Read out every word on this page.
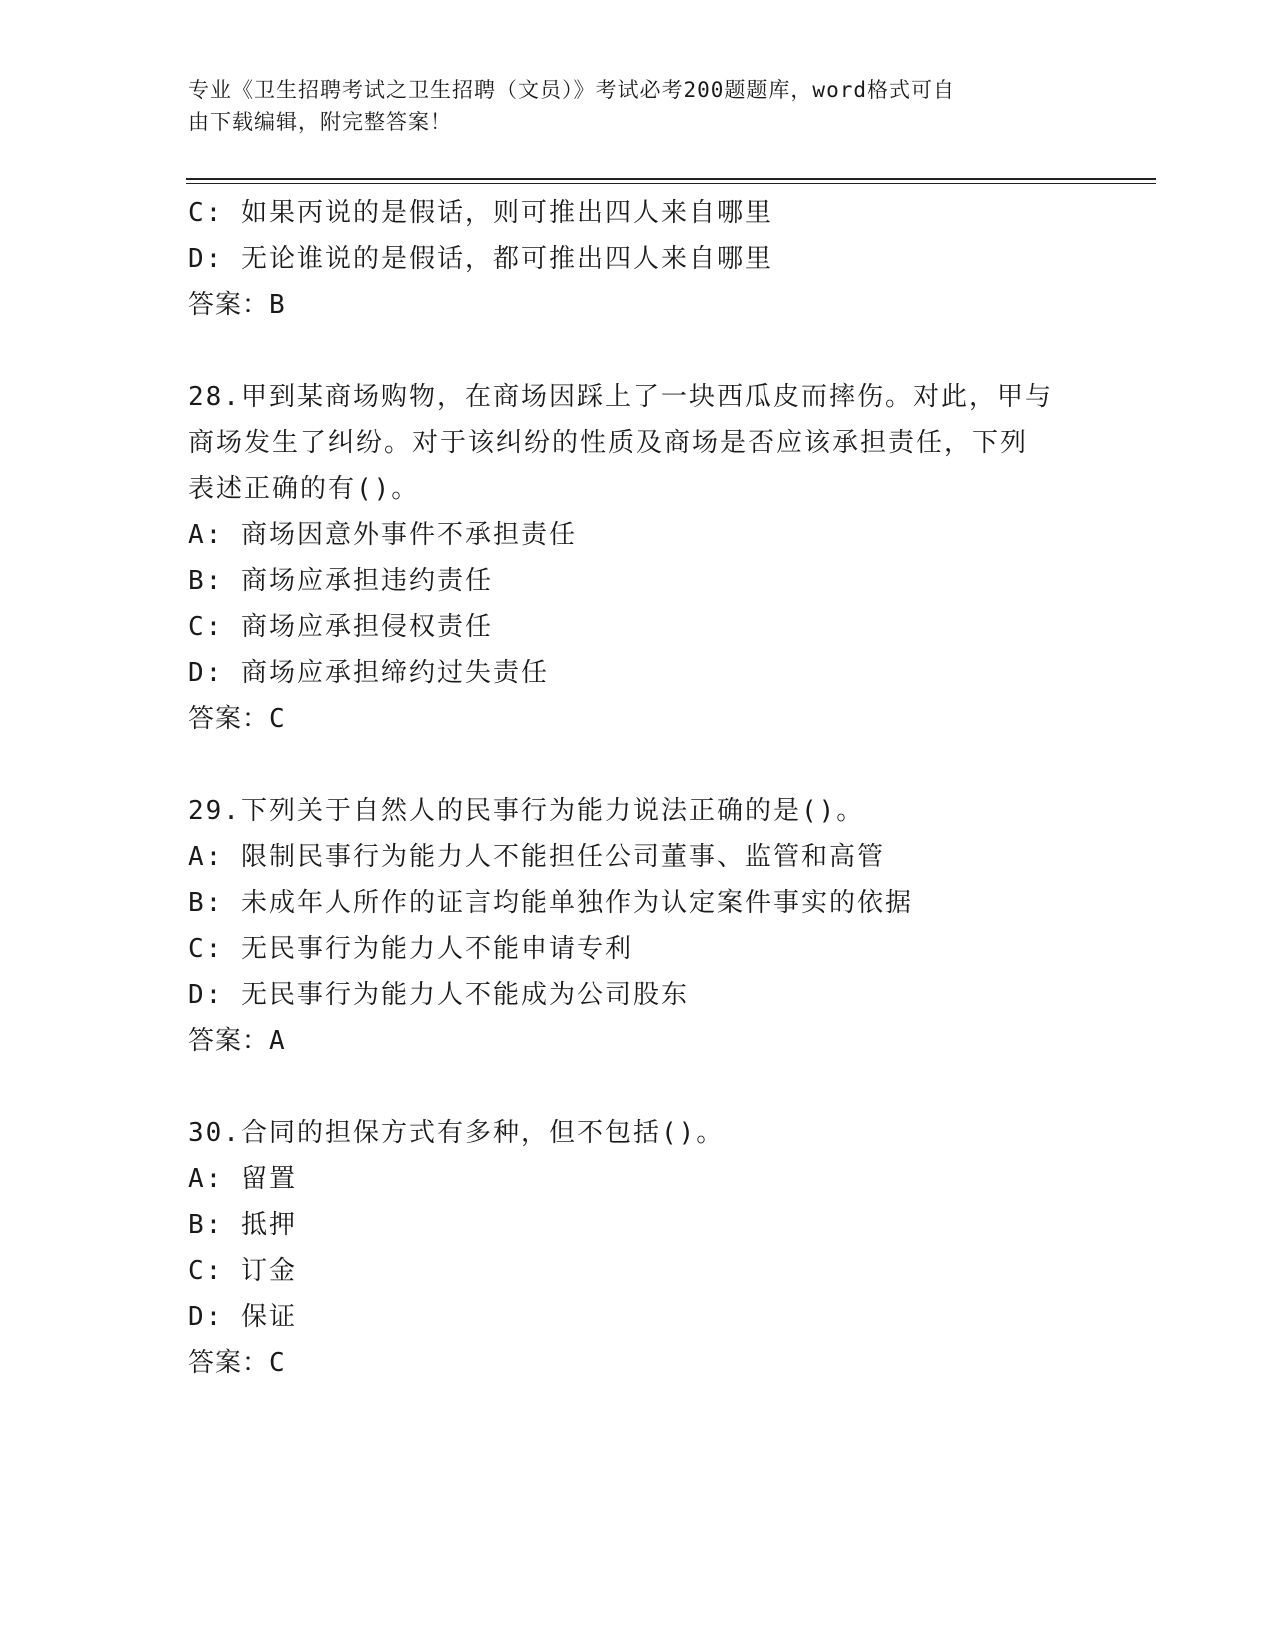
专业《卫生招聘考试之卫生招聘（文员）》考试必考200题题库，word格式可自
由下载编辑，附完整答案！
C: 如果丙说的是假话，则可推出四人来自哪里
D: 无论谁说的是假话，都可推出四人来自哪里
答案：B
28.甲到某商场购物，在商场因踩上了一块西瓜皮而摔伤。对此，甲与
商场发生了纠纷。对于该纠纷的性质及商场是否应该承担责任，下列
表述正确的有()。
A: 商场因意外事件不承担责任
B: 商场应承担违约责任
C: 商场应承担侵权责任
D: 商场应承担缔约过失责任
答案：C
29.下列关于自然人的民事行为能力说法正确的是()。
A: 限制民事行为能力人不能担任公司董事、监管和高管
B: 未成年人所作的证言均能单独作为认定案件事实的依据
C: 无民事行为能力人不能申请专利
D: 无民事行为能力人不能成为公司股东
答案：A
30.合同的担保方式有多种，但不包括()。
A: 留置
B: 抵押
C: 订金
D: 保证
答案：C
